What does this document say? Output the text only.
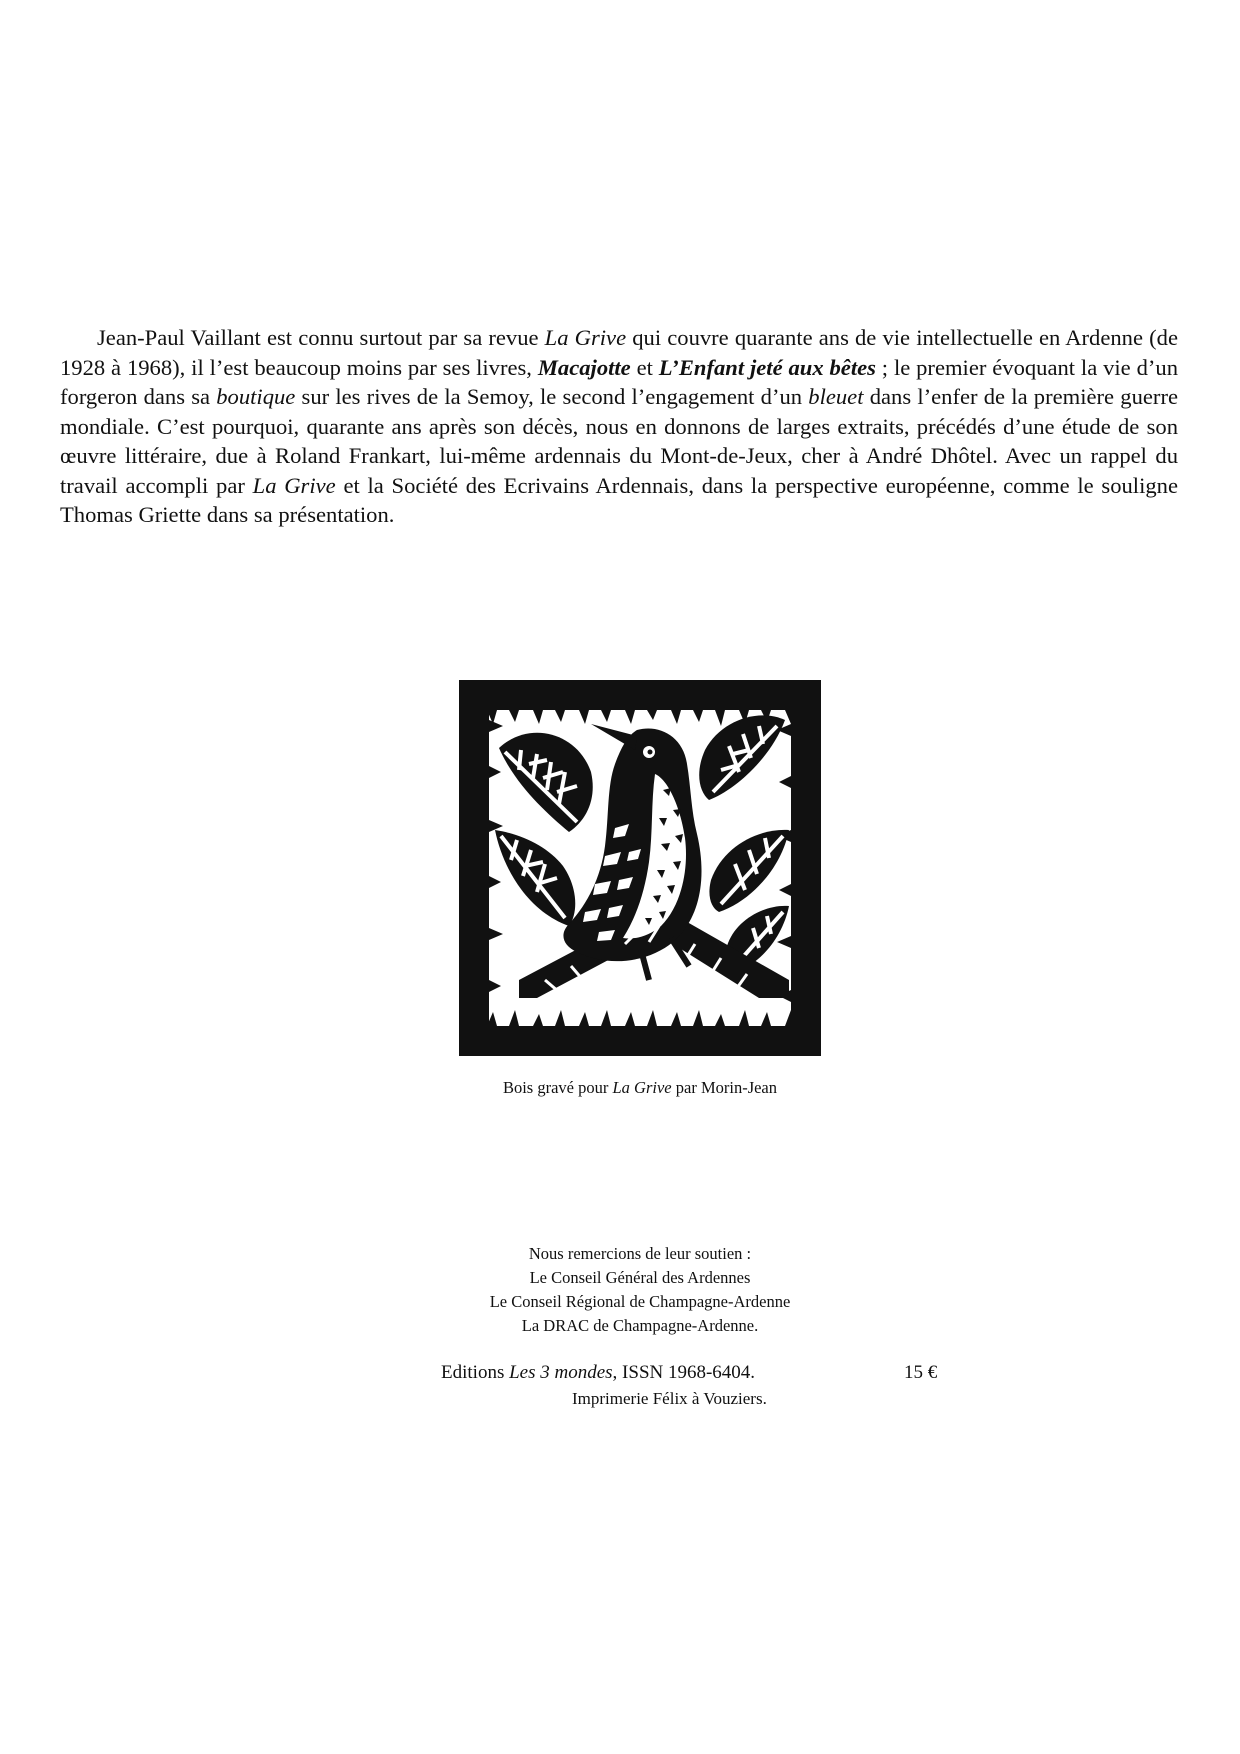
Jean-Paul Vaillant est connu surtout par sa revue La Grive qui couvre quarante ans de vie intellectuelle en Ardenne (de 1928 à 1968), il l’est beaucoup moins par ses livres, Macajotte et L’Enfant jeté aux bêtes ; le premier évoquant la vie d’un forgeron dans sa boutique sur les rives de la Semoy, le second l’engagement d’un bleuet dans l’enfer de la première guerre mondiale. C’est pourquoi, quarante ans après son décès, nous en donnons de larges extraits, précédés d’une étude de son œuvre littéraire, due à Roland Frankart, lui-même ardennais du Mont-de-Jeux, cher à André Dhôtel. Avec un rappel du travail accompli par La Grive et la Société des Ecrivains Ardennais, dans la perspective européenne, comme le souligne Thomas Griette dans sa présentation.

Bois gravé pour La Grive par Morin-Jean

Nous remercions de leur soutien :
Le Conseil Général des Ardennes
Le Conseil Régional de Champagne-Ardenne
La DRAC de Champagne-Ardenne.
Editions Les 3 mondes, ISSN 1968-6404.	15 €
Imprimerie Félix à Vouziers.
